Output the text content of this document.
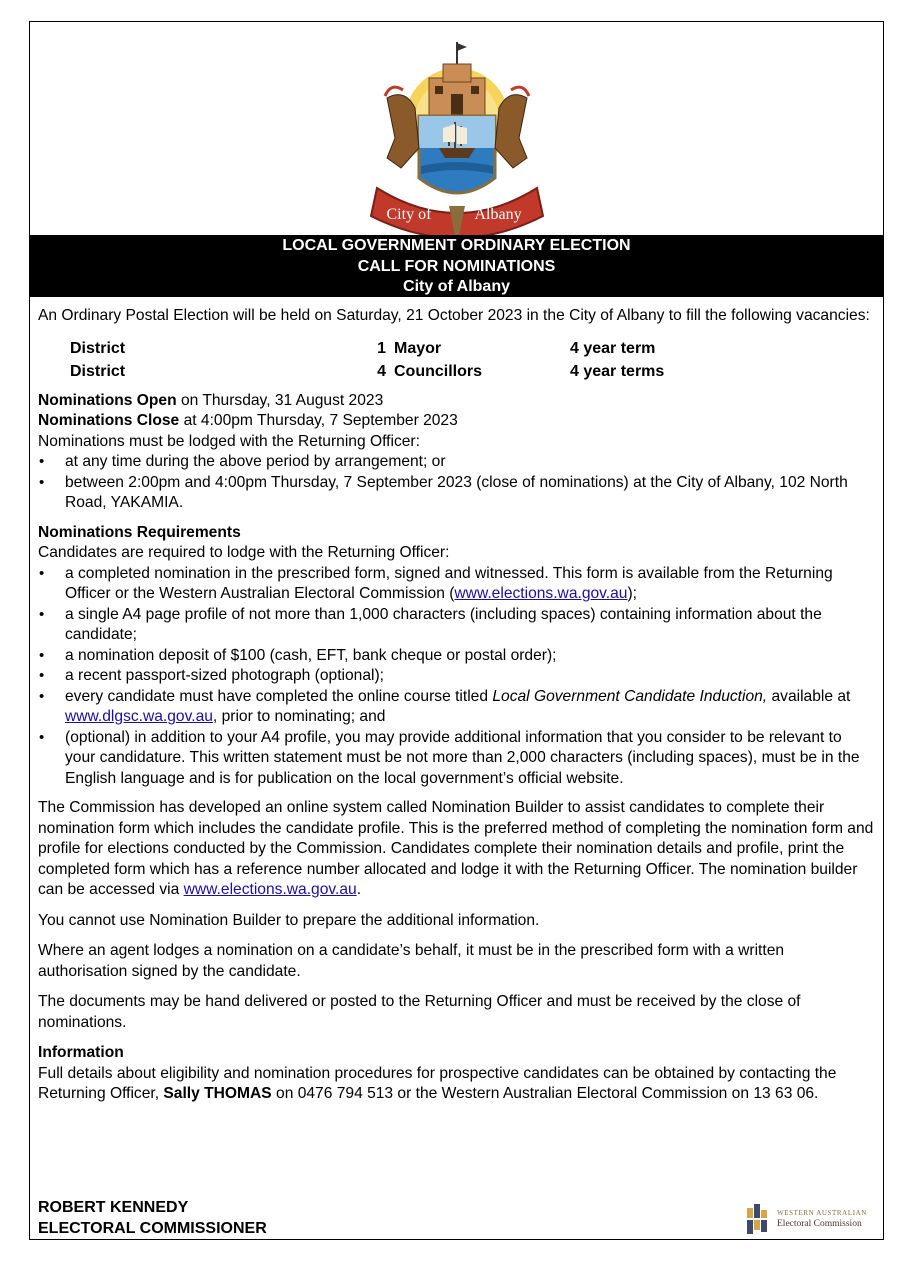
City of	Albany
LOCAL GOVERNMENT ORDINARY ELECTION
CALL FOR NOMINATIONS
City of Albany

An Ordinary Postal Election will be held on Saturday, 21 October 2023 in the City of Albany to fill the following vacancies:

District	1 Mayor	4 year term
District	4 Councillors	4 year terms

Nominations Open on Thursday, 31 August 2023

Nominations Close at 4:00pm Thursday, 7 September 2023

Nominations must be lodged with the Returning Officer:

• at any time during the above period by arrangement; or
• between 2:00pm and 4:00pm Thursday, 7 September 2023 (close of nominations) at the City of Albany, 102 North Road, YAKAMIA.

Nominations Requirements

Candidates are required to lodge with the Returning Officer:

• a completed nomination in the prescribed form, signed and witnessed. This form is available from the Returning Officer or the Western Australian Electoral Commission (www.elections.wa.gov.au);
• a single A4 page profile of not more than 1,000 characters (including spaces) containing information about the candidate;
• a nomination deposit of $100 (cash, EFT, bank cheque or postal order);
• a recent passport-sized photograph (optional);
• every candidate must have completed the online course titled Local Government Candidate Induction, available at www.dlgsc.wa.gov.au, prior to nominating; and
• (optional) in addition to your A4 profile, you may provide additional information that you consider to be relevant to your candidature. This written statement must be not more than 2,000 characters (including spaces), must be in the English language and is for publication on the local government’s official website.

The Commission has developed an online system called Nomination Builder to assist candidates to complete their nomination form which includes the candidate profile. This is the preferred method of completing the nomination form and profile for elections conducted by the Commission. Candidates complete their nomination details and profile, print the completed form which has a reference number allocated and lodge it with the Returning Officer. The nomination builder can be accessed via www.elections.wa.gov.au.

You cannot use Nomination Builder to prepare the additional information.

Where an agent lodges a nomination on a candidate’s behalf, it must be in the prescribed form with a written authorisation signed by the candidate.

The documents may be hand delivered or posted to the Returning Officer and must be received by the close of nominations.

Information

Full details about eligibility and nomination procedures for prospective candidates can be obtained by contacting the Returning Officer, Sally THOMAS on 0476 794 513 or the Western Australian Electoral Commission on 13 63 06.

ROBERT KENNEDY
ELECTORAL COMMISSIONER
WESTERN AUSTRALIAN
Electoral Commission
